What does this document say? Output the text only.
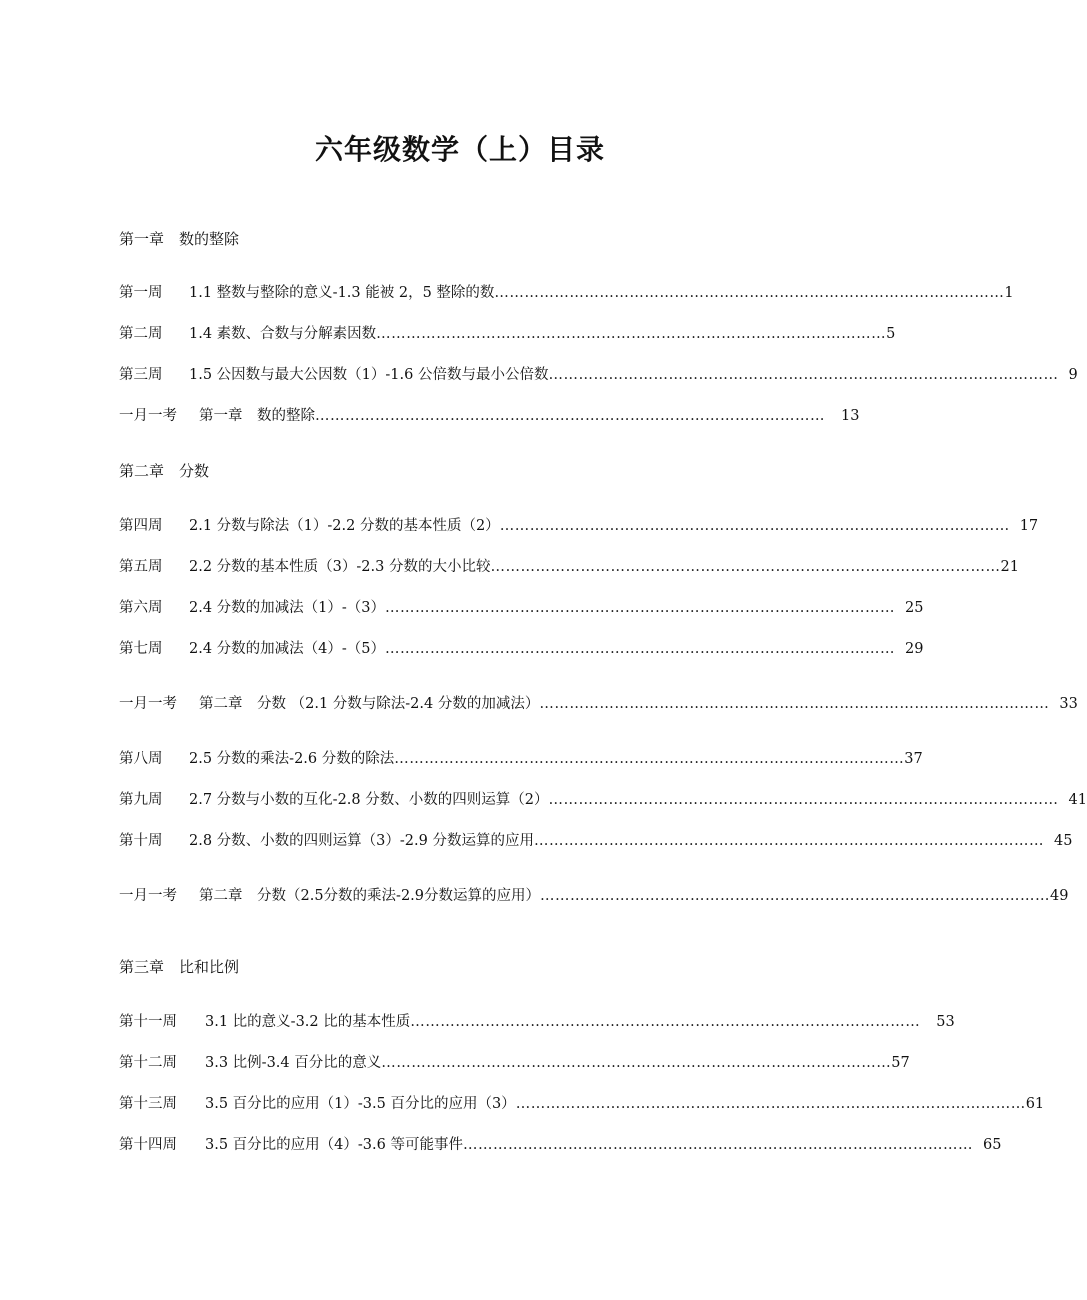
六年级数学（上）目录
第一章　数的整除
第一周	1.1 整数与整除的意义-1.3 能被 2，5 整除的数 ………………………………………………………………………………………… 1
第二周	1.4 素数、合数与分解素因数 ………………………………………………………………………………………… 5
第三周	1.5 公因数与最大公因数（1）-1.6 公倍数与最小公倍数 ………………………………………………………………………………………… 9
一月一考	第一章　数的整除 …………………………………………………………………………………………	13
第二章　分数
第四周	2.1 分数与除法（1）-2.2 分数的基本性质（2） ………………………………………………………………………………………… 17
第五周	2.2 分数的基本性质（3）-2.3 分数的大小比较 ………………………………………………………………………………………… 21
第六周	2.4 分数的加减法（1）-（3） ………………………………………………………………………………………… 25
第七周	2.4 分数的加减法（4）-（5） ………………………………………………………………………………………… 29
一月一考	第二章　分数 （2.1 分数与除法-2.4 分数的加减法） ………………………………………………………………………………………… 33
第八周	2.5 分数的乘法-2.6 分数的除法 ………………………………………………………………………………………… 37
第九周	2.7 分数与小数的互化-2.8 分数、小数的四则运算（2） ………………………………………………………………………………………… 41
第十周	2.8 分数、小数的四则运算（3）-2.9 分数运算的应用 ………………………………………………………………………………………… 45
一月一考	第二章　分数（2.5分数的乘法-2.9分数运算的应用） ………………………………………………………………………………………… 49
第三章　比和比例
第十一周	3.1 比的意义-3.2 比的基本性质 …………………………………………………………………………………………	53
第十二周	3.3 比例-3.4 百分比的意义 ………………………………………………………………………………………… 57
第十三周	3.5 百分比的应用（1）-3.5 百分比的应用（3） ………………………………………………………………………………………… 61
第十四周	3.5 百分比的应用（4）-3.6 等可能事件 ………………………………………………………………………………………… 65
